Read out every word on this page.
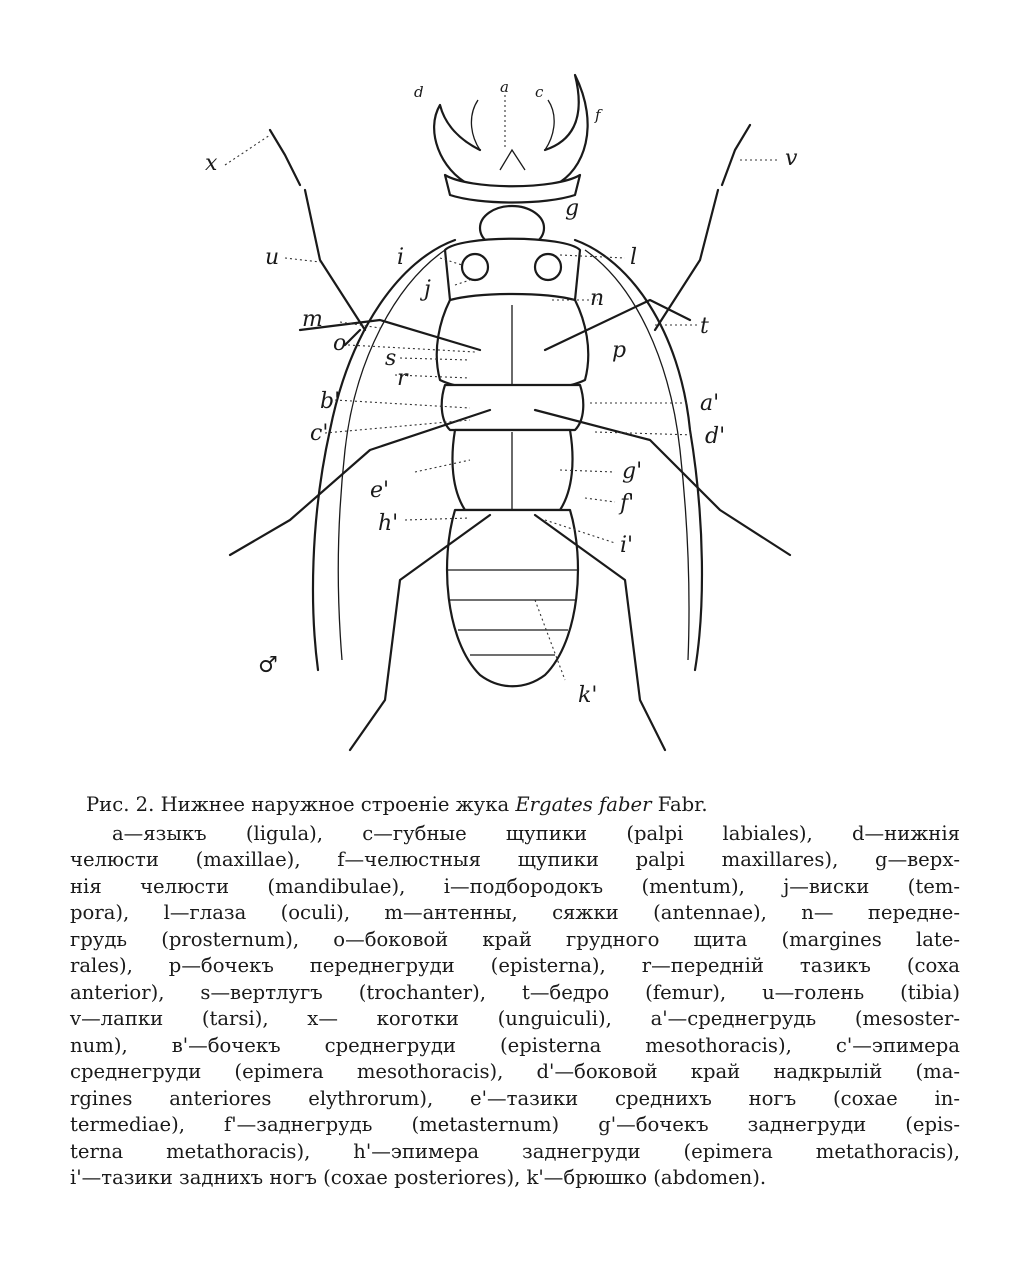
a c
d
f
g
x	v
u	i	l
j	n
m	t
o	p
s
r
b'	a'
c'	d'
g'
e'
f'
h'
i'
k'
♂

Рис. 2. Нижнее наружное строеніе жука Ergates faber Fabr.

a—языкъ (ligula), c—губные щупики (palpi labiales), d—нижнія
челюсти (maxillae), f—челюстныя щупики palpi maxillares), g—верх-
нія челюсти (mandibulae), i—подбородокъ (mentum), j—виски (tem-
pora), l—глаза (oculi), m—антенны, сяжки (antennae), n— передне-
грудь (prosternum), o—боковой край грудного щита (margines late-
rales), p—бочекъ переднегруди (episterna), r—передній тазикъ (coxa
anterior), s—вертлугъ (trochanter), t—бедро (femur), u—голень (tibia)
v—лапки (tarsi), x— коготки (unguiculi), a'—среднегрудь (mesoster-
num), в'—бочекъ среднегруди (episterna mesothoracis), c'—эпимера
среднегруди (epimera mesothoracis), d'—боковой край надкрылій (ma-
rgines anteriores elythrorum), e'—тазики среднихъ ногъ (coxae in-
termediae), f'—заднегрудь (metasternum) g'—бочекъ заднегруди (epis-
terna metathoracis), h'—эпимера заднегруди (epimera metathoracis),
i'—тазики заднихъ ногъ (coxae posteriores), k'—брюшко (abdomen).
